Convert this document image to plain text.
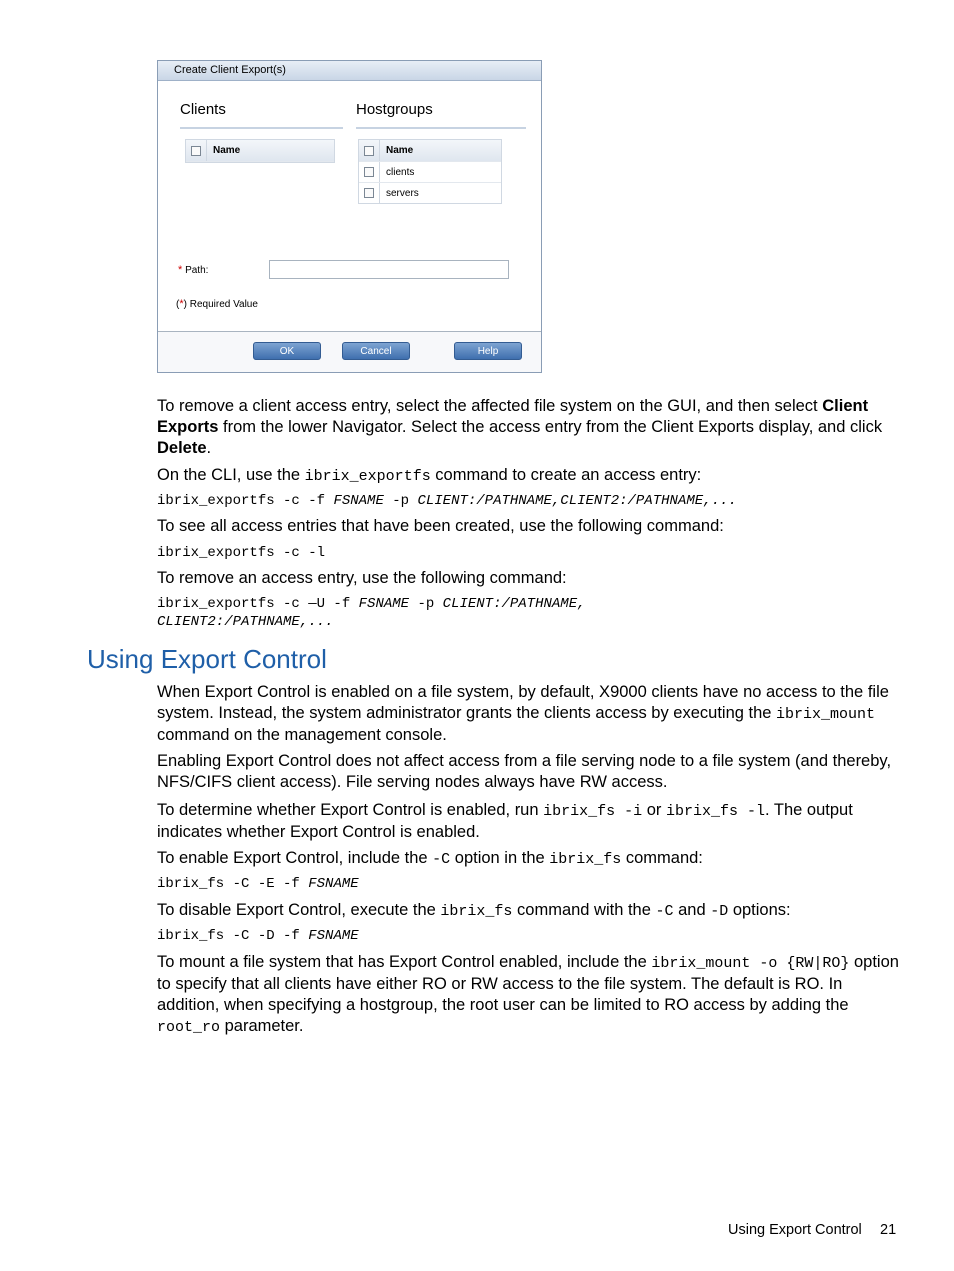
Create Client Export(s)
Clients	Hostgroups
Name	Name
clients
servers
* Path:
(*) Required Value
OK	Cancel	Help
To remove a client access entry, select the affected file system on the GUI, and then select Client Exports from the lower Navigator. Select the access entry from the Client Exports display, and click Delete.
On the CLI, use the ibrix_exportfs command to create an access entry:
ibrix_exportfs -c -f FSNAME -p CLIENT:/PATHNAME,CLIENT2:/PATHNAME,...
To see all access entries that have been created, use the following command:
ibrix_exportfs -c -l
To remove an access entry, use the following command:
ibrix_exportfs -c —U -f FSNAME -p CLIENT:/PATHNAME,
CLIENT2:/PATHNAME,...
Using Export Control
When Export Control is enabled on a file system, by default, X9000 clients have no access to the file system. Instead, the system administrator grants the clients access by executing the ibrix_mount command on the management console.
Enabling Export Control does not affect access from a file serving node to a file system (and thereby, NFS/CIFS client access). File serving nodes always have RW access.
To determine whether Export Control is enabled, run ibrix_fs -i or ibrix_fs -l. The output indicates whether Export Control is enabled.
To enable Export Control, include the -C option in the ibrix_fs command:
ibrix_fs -C -E -f FSNAME
To disable Export Control, execute the ibrix_fs command with the -C and -D options:
ibrix_fs -C -D -f FSNAME
To mount a file system that has Export Control enabled, include the ibrix_mount -o {RW|RO} option to specify that all clients have either RO or RW access to the file system. The default is RO. In addition, when specifying a hostgroup, the root user can be limited to RO access by adding the root_ro parameter.
Using Export Control 21
